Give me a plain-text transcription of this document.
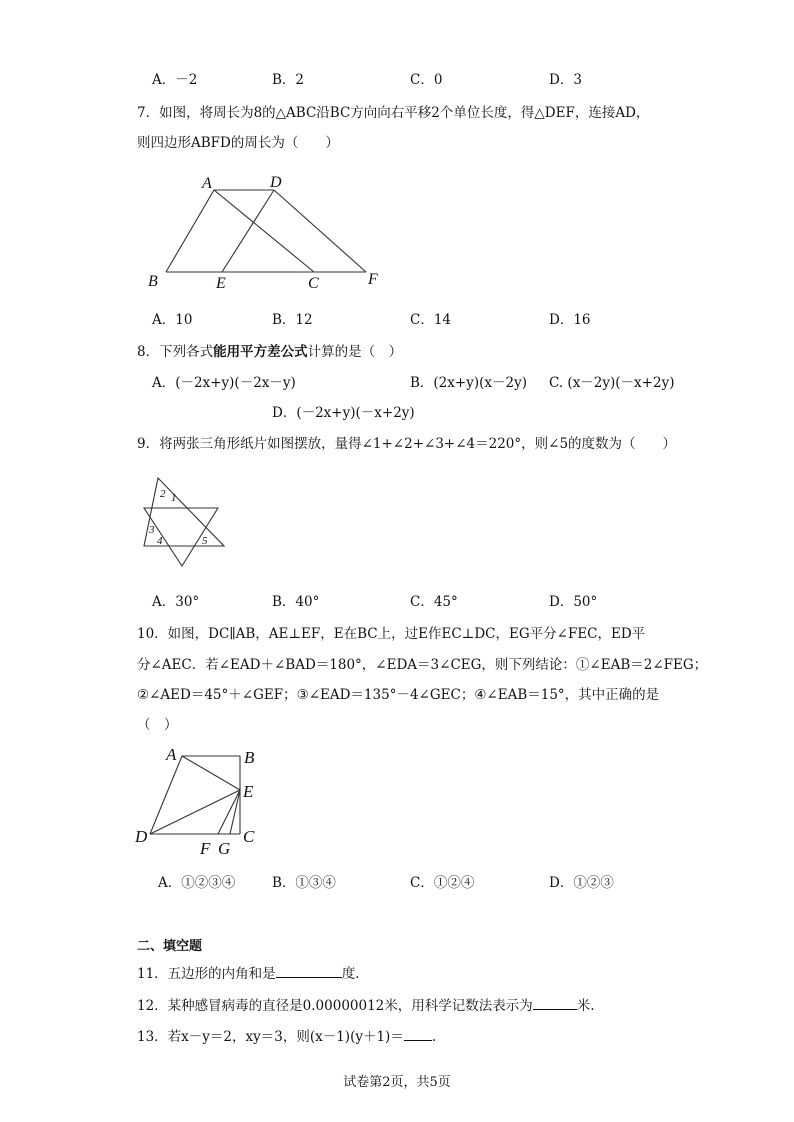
A．－2	B．2	C．0	D．3
7．如图，将周长为8的△ABC沿BC方向向右平移2个单位长度，得△DEF，连接AD，
则四边形ABFD的周长为（　　）
A	D
B	E	C	F
A．10	B．12	C．14	D．16
8．下列各式能用平方差公式计算的是（　）
A．(－2x+y)(－2x－y)	B．(2x+y)(x－2y) C. (x－2y)(－x+2y)
D．(－2x+y)(－x+2y)
9．将两张三角形纸片如图摆放，量得∠1+∠2+∠3+∠4＝220°，则∠5的度数为（　　）
2 1
3
4	5
A．30°	B．40°	C．45°	D．50°
10．如图，DC∥AB，AE⊥EF，E在BC上，过E作EC⊥DC，EG平分∠FEC，ED平
分∠AEC．若∠EAD＋∠BAD＝180°，∠EDA＝3∠CEG，则下列结论：①∠EAB＝2∠FEG；
②∠AED＝45°＋∠GEF；③∠EAD＝135°－4∠GEC；④∠EAB＝15°，其中正确的是
（　）
A	B
E
D
F G
C
A．①②③④	B．①③④	C．①②④	D．①②③
二、填空题
11．五边形的内角和是	度.
12．某种感冒病毒的直径是0.00000012米，用科学记数法表示为	米.
13．若x－y＝2，xy＝3，则(x－1)(y＋1)＝ .
试卷第2页，共5页
